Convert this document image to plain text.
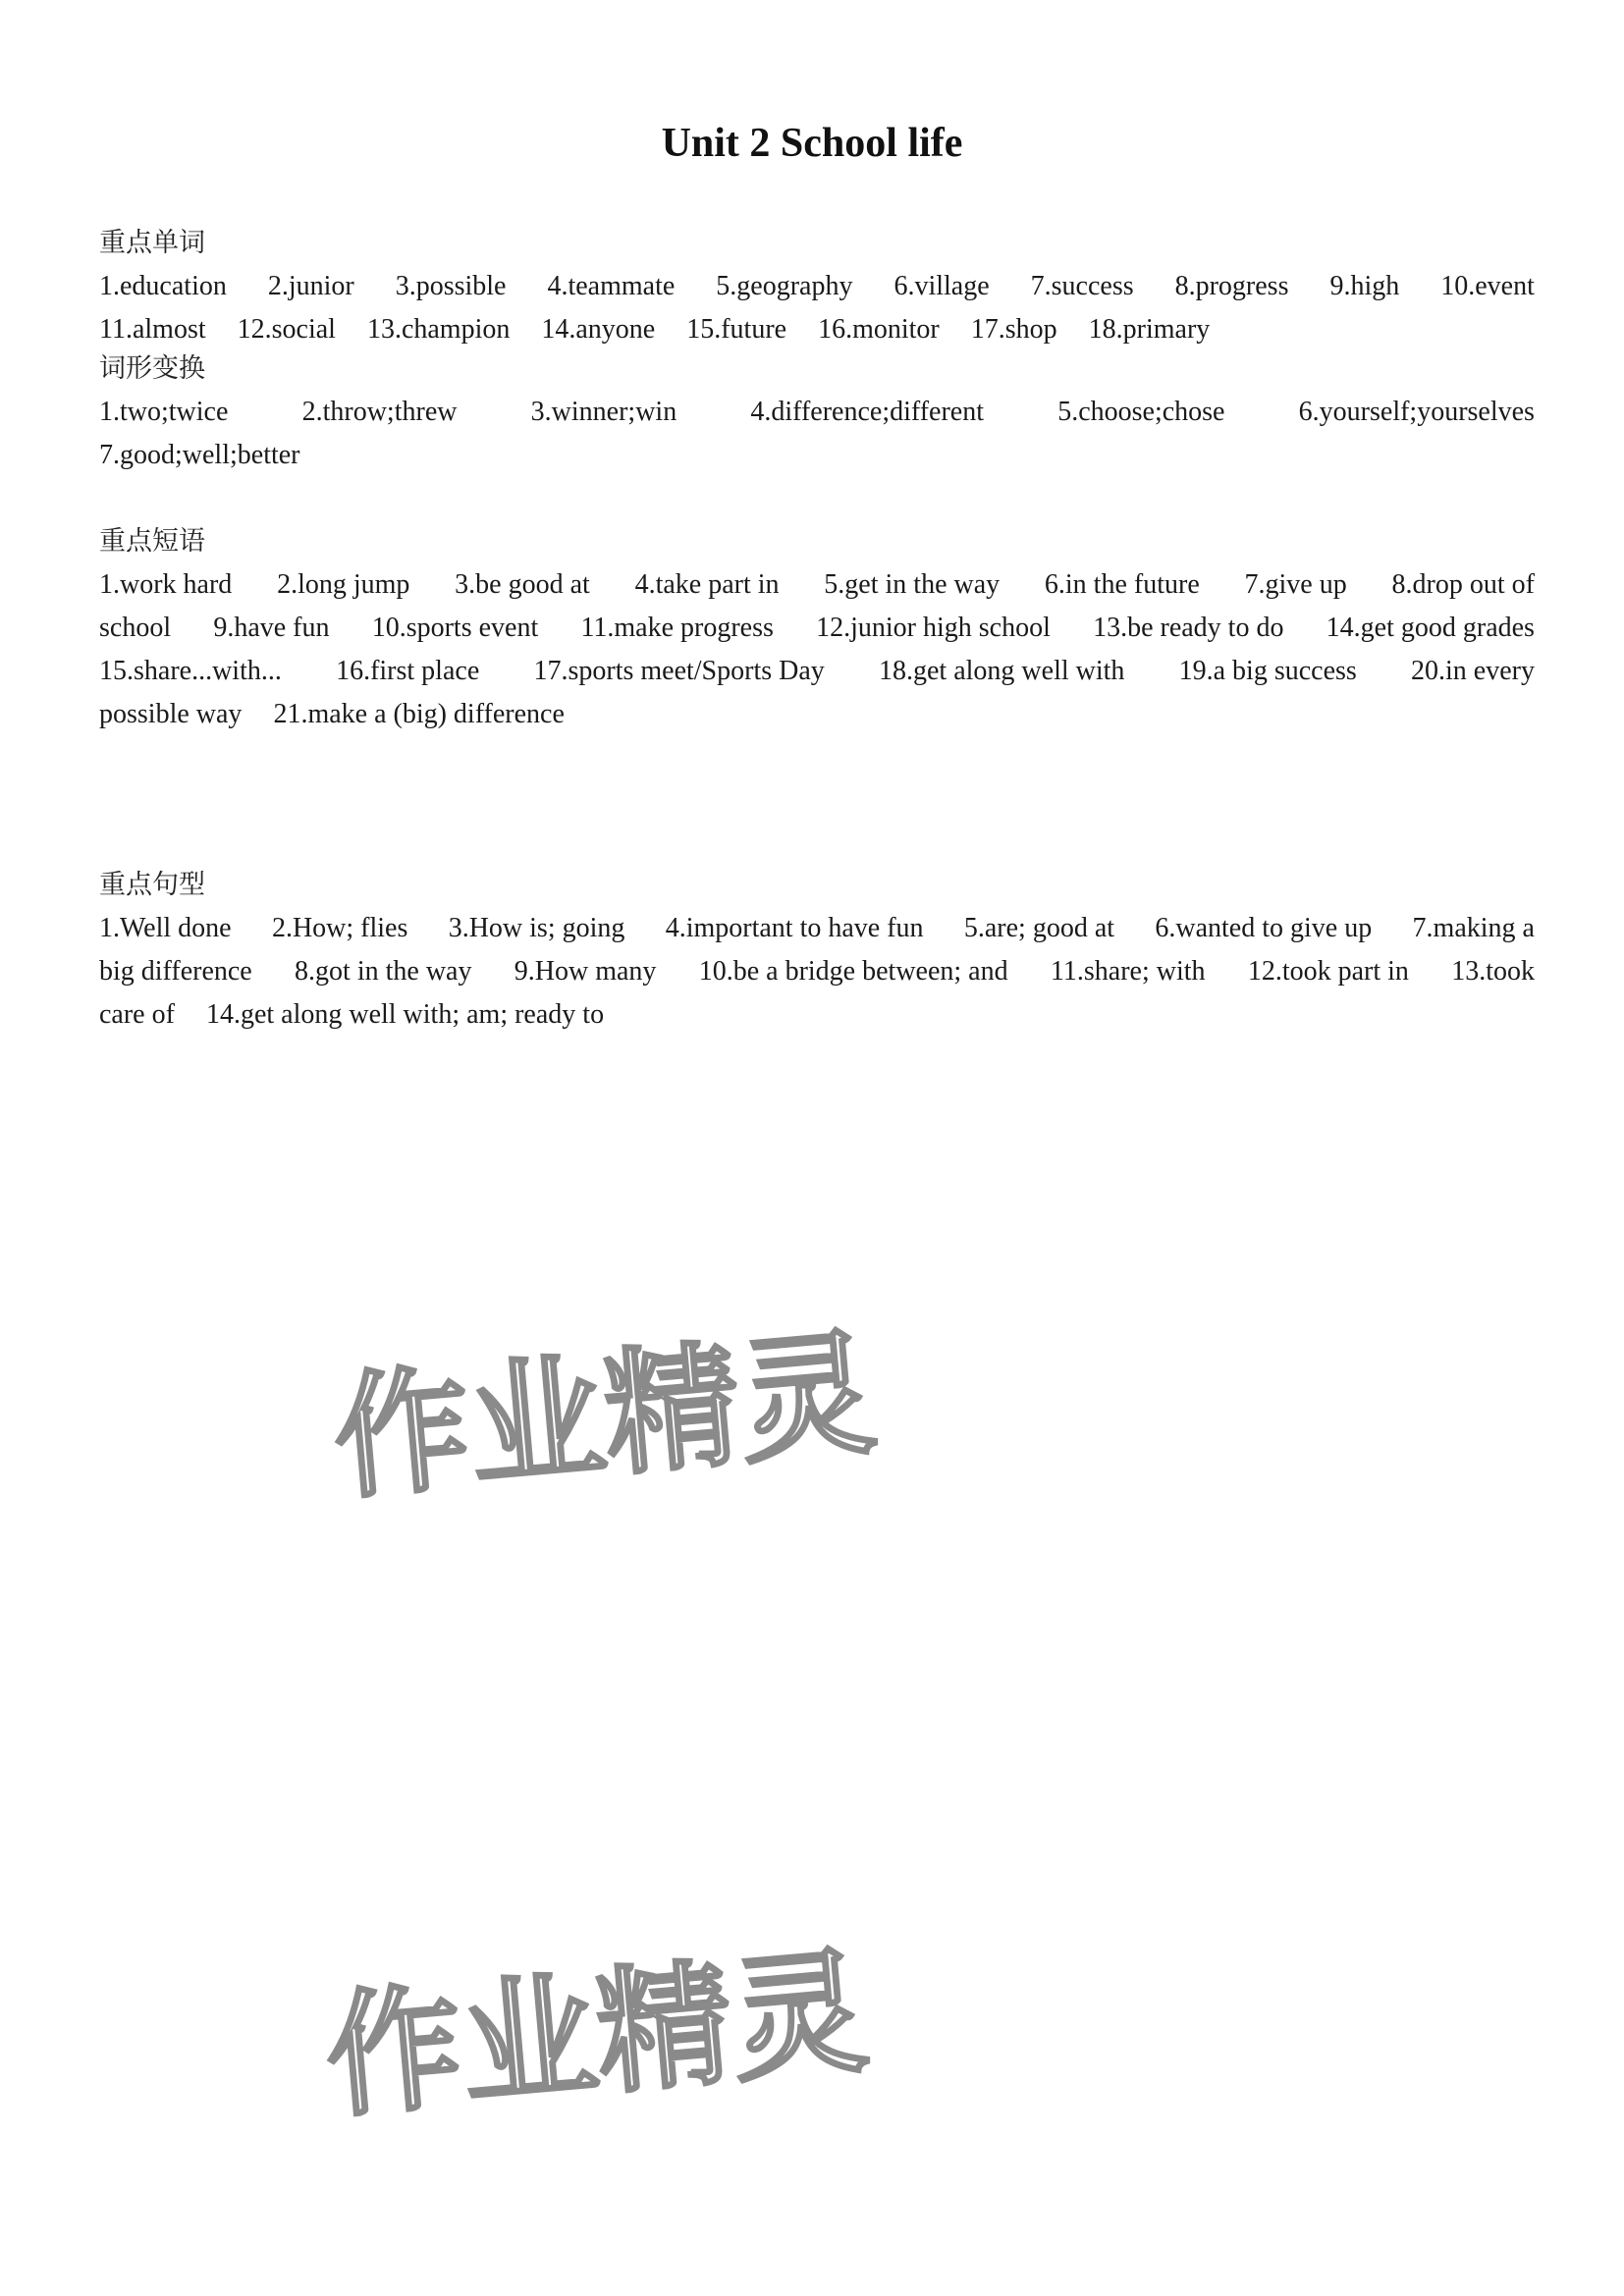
Unit 2 School life
重点单词
1.education 2.junior 3.possible 4.teammate 5.geography 6.village 7.success 8.progress 9.high 10.event
11.almost 12.social 13.champion 14.anyone 15.future 16.monitor 17.shop 18.primary
词形变换
1.two;twice	2.throw;threw	3.winner;win	4.difference;different	5.choose;chose	6.yourself;yourselves
7.good;well;better
重点短语
1.work hard 2.long jump 3.be good at 4.take part in 5.get in the way 6.in the future 7.give up 8.drop out of
school 9.have fun 10.sports event 11.make progress 12.junior high school 13.be ready to do 14.get good grades
15.share...with... 16.first place 17.sports meet/Sports Day 18.get along well with 19.a big success 20.in every
possible way 21.make a (big) difference
重点句型
1.Well done 2.How; flies 3.How is; going 4.important to have fun 5.are; good at 6.wanted to give up 7.making a
big difference 8.got in the way 9.How many 10.be a bridge between; and 11.share; with 12.took part in 13.took
care of 14.get along well with; am; ready to
作业精灵
作业精灵
